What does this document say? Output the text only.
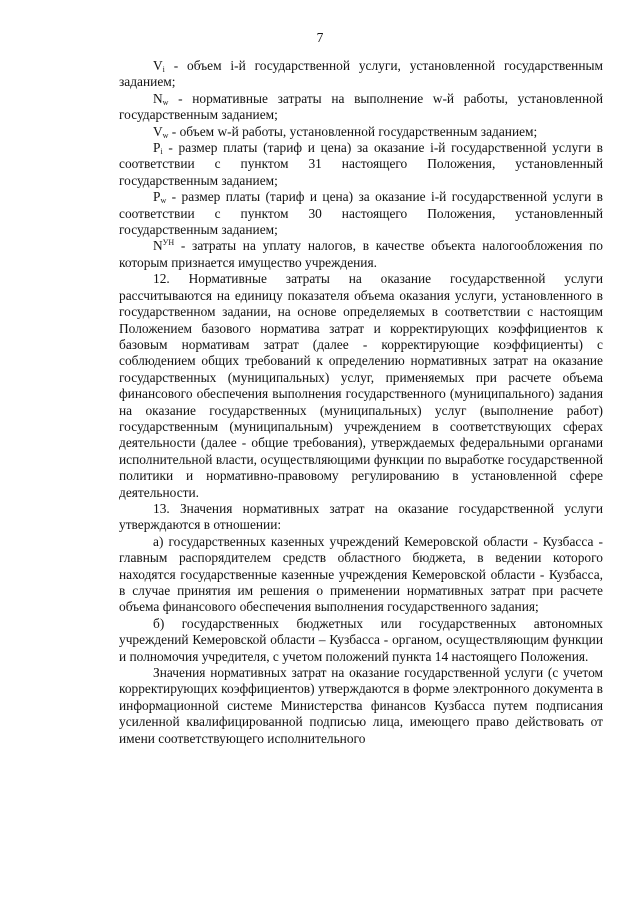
7

$V_i$ - объем i-й государственной услуги, установленной государственным заданием;

$N_w$ - нормативные затраты на выполнение w-й работы, установленной государственным заданием;

$V_w$ - объем w-й работы, установленной государственным заданием;

$P_i$ - размер платы (тариф и цена) за оказание i-й государственной услуги в соответствии с пунктом 31 настоящего Положения, установленный государственным заданием;

$P_w$ - размер платы (тариф и цена) за оказание i-й государственной услуги в соответствии с пунктом 30 настоящего Положения, установленный государственным заданием;

$N^{УН}$ - затраты на уплату налогов, в качестве объекта налогообложения по которым признается имущество учреждения.

12. Нормативные затраты на оказание государственной услуги рассчитываются на единицу показателя объема оказания услуги, установленного в государственном задании, на основе определяемых в соответствии с настоящим Положением базового норматива затрат и корректирующих коэффициентов к базовым нормативам затрат (далее - корректирующие коэффициенты) с соблюдением общих требований к определению нормативных затрат на оказание государственных (муниципальных) услуг, применяемых при расчете объема финансового обеспечения выполнения государственного (муниципального) задания на оказание государственных (муниципальных) услуг (выполнение работ) государственным (муниципальным) учреждением в соответствующих сферах деятельности (далее - общие требования), утверждаемых федеральными органами исполнительной власти, осуществляющими функции по выработке государственной политики и нормативно-правовому регулированию в установленной сфере деятельности.

13. Значения нормативных затрат на оказание государственной услуги утверждаются в отношении:

а) государственных казенных учреждений Кемеровской области - Кузбасса - главным распорядителем средств областного бюджета, в ведении которого находятся государственные казенные учреждения Кемеровской области - Кузбасса, в случае принятия им решения о применении нормативных затрат при расчете объема финансового обеспечения выполнения государственного задания;

б) государственных бюджетных или государственных автономных учреждений Кемеровской области – Кузбасса - органом, осуществляющим функции и полномочия учредителя, с учетом положений пункта 14 настоящего Положения.

Значения нормативных затрат на оказание государственной услуги (с учетом корректирующих коэффициентов) утверждаются в форме электронного документа в информационной системе Министерства финансов Кузбасса путем подписания усиленной квалифицированной подписью лица, имеющего право действовать от имени соответствующего исполнительного
